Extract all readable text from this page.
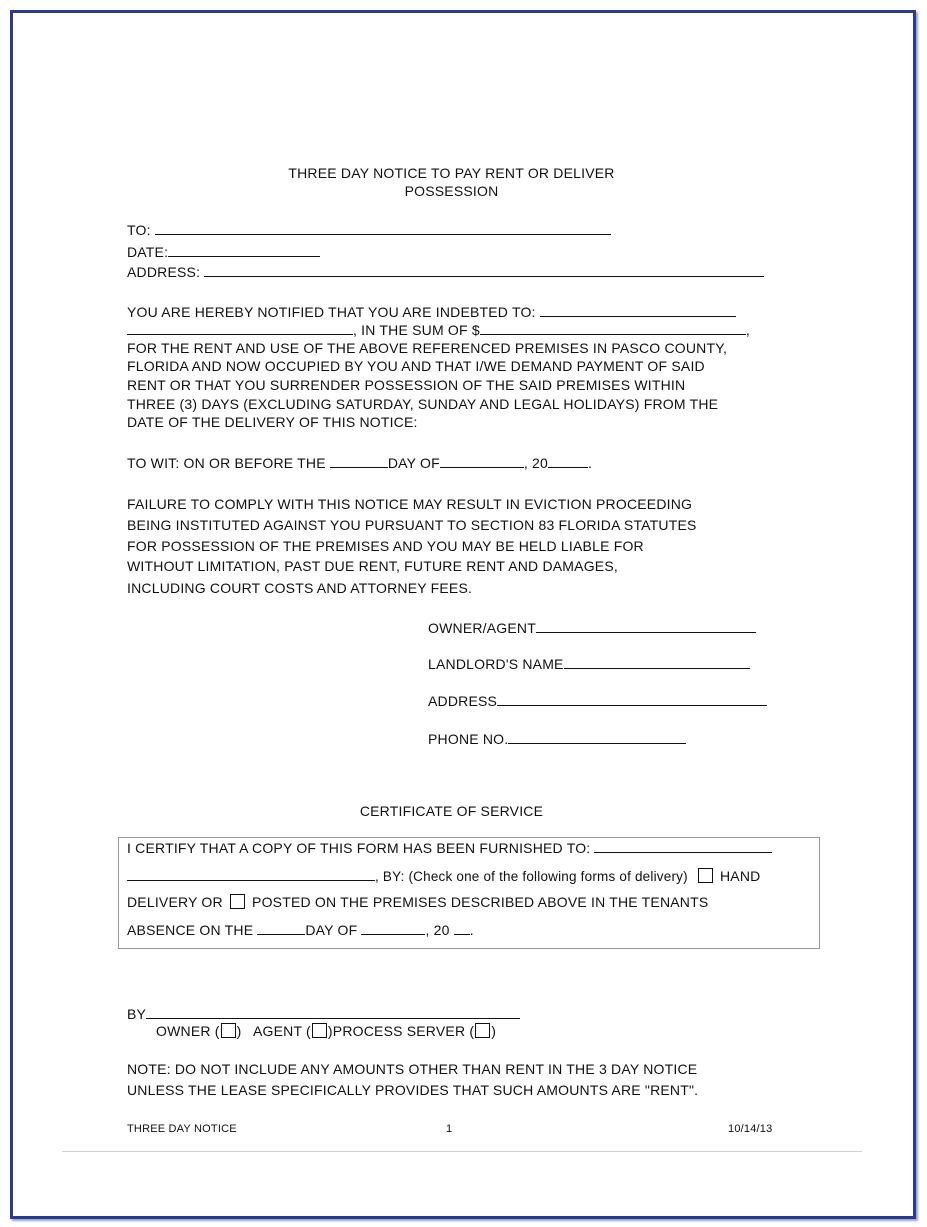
THREE DAY NOTICE TO PAY RENT OR DELIVER
POSSESSION
TO:
DATE:
ADDRESS:
YOU ARE HEREBY NOTIFIED THAT YOU ARE INDEBTED TO:
, IN THE SUM OF $	,
FOR THE RENT AND USE OF THE ABOVE REFERENCED PREMISES IN PASCO COUNTY,
FLORIDA AND NOW OCCUPIED BY YOU AND THAT I/WE DEMAND PAYMENT OF SAID
RENT OR THAT YOU SURRENDER POSSESSION OF THE SAID PREMISES WITHIN
THREE (3) DAYS (EXCLUDING SATURDAY, SUNDAY AND LEGAL HOLIDAYS) FROM THE
DATE OF THE DELIVERY OF THIS NOTICE:
TO WIT: ON OR BEFORE THE	DAY OF	, 20	.
FAILURE TO COMPLY WITH THIS NOTICE MAY RESULT IN EVICTION PROCEEDING
BEING INSTITUTED AGAINST YOU PURSUANT TO SECTION 83 FLORIDA STATUTES
FOR POSSESSION OF THE PREMISES AND YOU MAY BE HELD LIABLE FOR
WITHOUT LIMITATION, PAST DUE RENT, FUTURE RENT AND DAMAGES,
INCLUDING COURT COSTS AND ATTORNEY FEES.
OWNER/AGENT
LANDLORD'S NAME
ADDRESS
PHONE NO.
CERTIFICATE OF SERVICE
I CERTIFY THAT A COPY OF THIS FORM HAS BEEN FURNISHED TO:
, BY: (Check one of the following forms of delivery) HAND
DELIVERY OR POSTED ON THE PREMISES DESCRIBED ABOVE IN THE TENANTS
ABSENCE ON THE	DAY OF	, 20 .
BY
OWNER ( )   AGENT ( )PROCESS SERVER ( )
NOTE: DO NOT INCLUDE ANY AMOUNTS OTHER THAN RENT IN THE 3 DAY NOTICE
UNLESS THE LEASE SPECIFICALLY PROVIDES THAT SUCH AMOUNTS ARE "RENT".
THREE DAY NOTICE	1	10/14/13
